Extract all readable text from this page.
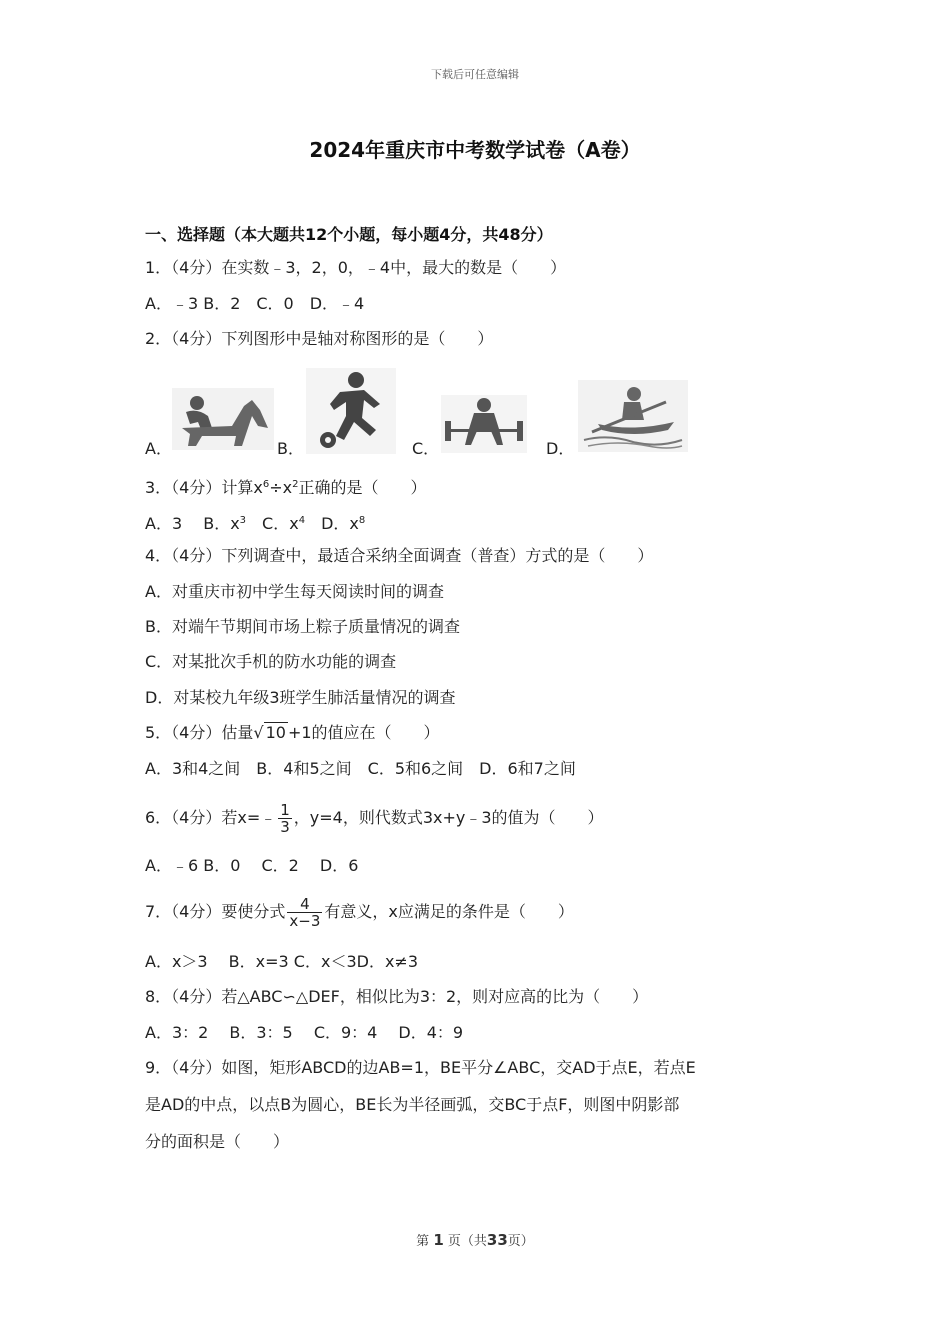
下载后可任意编辑
2024年重庆市中考数学试卷（A卷）
一、选择题（本大题共12个小题，每小题4分，共48分）
1．（4分）在实数﹣3，2，0，﹣4中，最大的数是（　　）
A．﹣3 B．2　C．0　D．﹣4
2．（4分）下列图形中是轴对称图形的是（　　）
A．	B．	C．	D．
3．（4分）计算$x^6\div x^2$正确的是（　　）
A．3　 B．$x^3$　C．$x^4$　D．$x^8$
4．（4分）下列调查中，最适合采纳全面调查（普查）方式的是（　　）
A．对重庆市初中学生每天阅读时间的调查
B．对端午节期间市场上粽子质量情况的调查
C．对某批次手机的防水功能的调查
D．对某校九年级3班学生肺活量情况的调查
5．（4分）估量√ 10 +1的值应在（　　）
A．3和4之间　B．4和5之间　C．5和6之间　D．6和7之间
6．（4分）若x=﹣ $\frac{1}{3}$ ，y=4，则代数式3x+y﹣3的值为（　　）
A．﹣6 B．0　 C．2　 D．6
7．（4分）要使分式 $\frac{4}{x-3}$ 有意义，x应满足的条件是（　　）
A．x＞3　 B．x=3 C．x＜3D．x≠3
8．（4分）若△ABC∽△DEF，相似比为3：2，则对应高的比为（　　）
A．3：2　 B．3：5　 C．9：4　 D．4：9
9．（4分）如图，矩形ABCD的边AB=1，BE平分∠ABC，交AD于点E，若点E
是AD的中点，以点B为圆心，BE长为半径画弧，交BC于点F，则图中阴影部
分的面积是（　　）
第 1 页（共33页）
